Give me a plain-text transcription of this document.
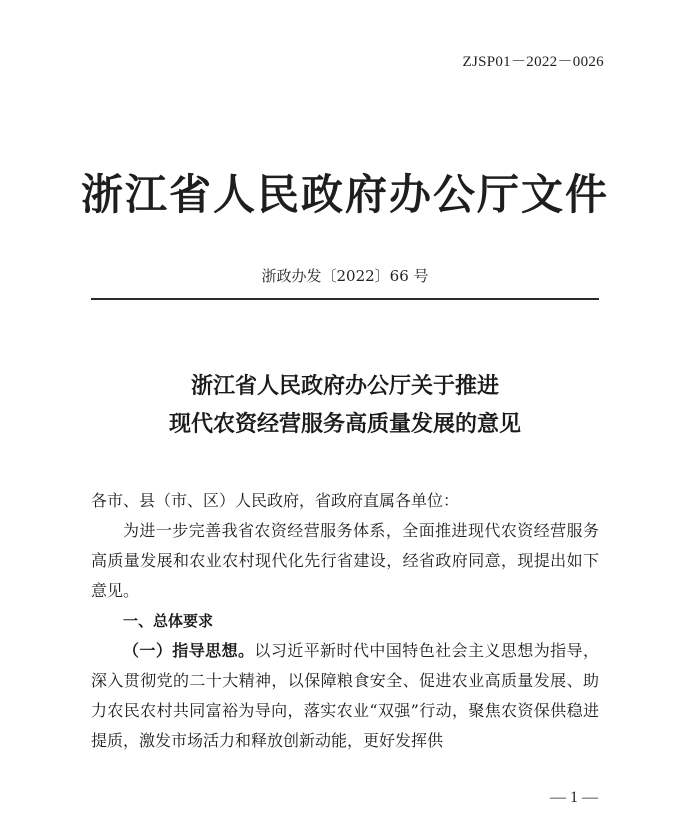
ZJSP01－2022－0026
浙江省人民政府办公厅文件
浙政办发〔2022〕66 号
浙江省人民政府办公厅关于推进
现代农资经营服务高质量发展的意见
各市、县（市、区）人民政府，省政府直属各单位：
为进一步完善我省农资经营服务体系，全面推进现代农资经营服务高质量发展和农业农村现代化先行省建设，经省政府同意，现提出如下意见。
一、总体要求
（一）指导思想。以习近平新时代中国特色社会主义思想为指导，深入贯彻党的二十大精神，以保障粮食安全、促进农业高质量发展、助力农民农村共同富裕为导向，落实农业“双强”行动，聚焦农资保供稳进提质，激发市场活力和释放创新动能，更好发挥供
— 1 —
